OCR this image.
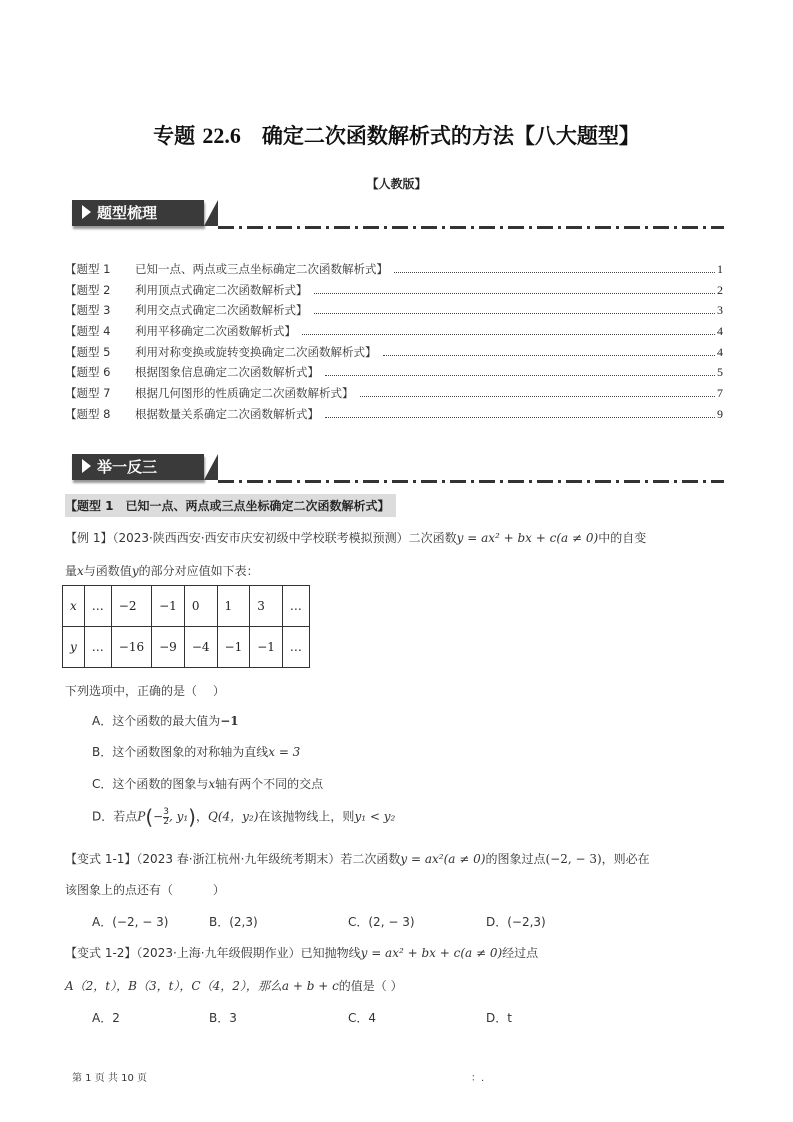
专题 22.6　确定二次函数解析式的方法【八大题型】
【人教版】
题型梳理
【题型 1 已知一点、两点或三点坐标确定二次函数解析式】	1
【题型 2 利用顶点式确定二次函数解析式】	2
【题型 3 利用交点式确定二次函数解析式】	3
【题型 4 利用平移确定二次函数解析式】	4
【题型 5 利用对称变换或旋转变换确定二次函数解析式】	4
【题型 6 根据图象信息确定二次函数解析式】	5
【题型 7 根据几何图形的性质确定二次函数解析式】	7
【题型 8 根据数量关系确定二次函数解析式】	9
举一反三
【题型 1　已知一点、两点或三点坐标确定二次函数解析式】
【例 1】（2023·陕西西安·西安市庆安初级中学校联考模拟预测）二次函数y = ax² + bx + c(a ≠ 0)中的自变
量x与函数值y的部分对应值如下表：
x	…	−2	−1	0	1	3	…
y	…	−16	−9	−4	−1	−1	…
下列选项中，正确的是（　 ）
A．这个函数的最大值为−1
B．这个函数图象的对称轴为直线x = 3
C．这个函数的图象与x轴有两个不同的交点
D．若点$P(- \frac{3}{2}$ , y₁)，Q(4，y₂)在该抛物线上，则y₁ < y₂
【变式 1-1】（2023 春·浙江杭州·九年级统考期末）若二次函数y = ax²(a ≠ 0)的图象过点(−2, − 3)，则必在
该图象上的点还有（　　　 ）
A．(−2, − 3)	B．(2,3)	C．(2, − 3)	D．(−2,3)
【变式 1-2】（2023·上海·九年级假期作业）已知抛物线y = ax² + bx + c(a ≠ 0)经过点
A（2，t），B（3，t），C（4，2），那么a + b + c的值是（ ）
A．2	B．3	C．4	D．t
第 1 页 共 10 页	：.
